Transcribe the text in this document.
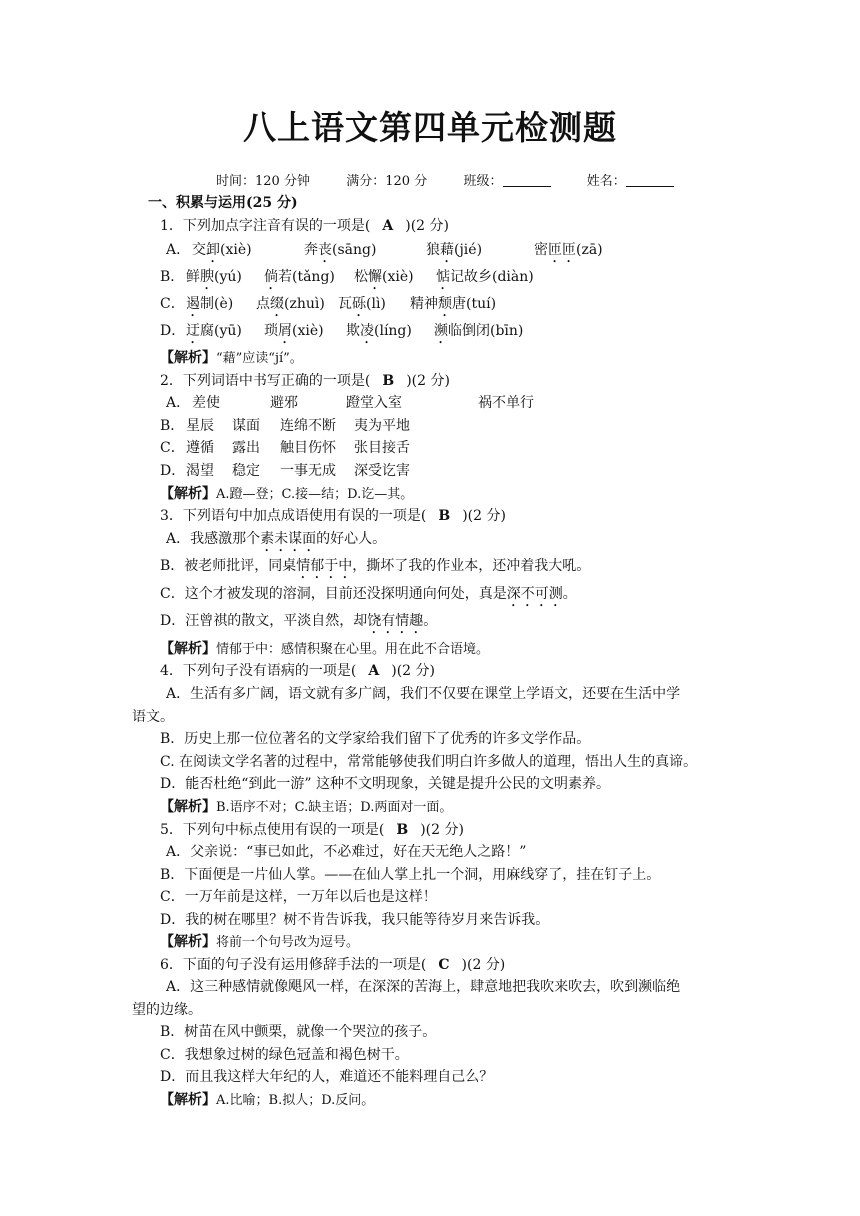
八上语文第四单元检测题
时间：120 分钟	满分：120 分	班级：	姓名：
一、积累与运用(25 分)
1．下列加点字注音有误的一项是( A )(2 分)
A． 交卸(xiè)	奔丧(sāng)	狼藉(jié)	密匝匝(zā)
B． 鲜腴(yú) 倘若(tǎng) 松懈(xiè) 惦记故乡(diàn)
C． 遏制(è) 点缀(zhuì) 瓦砾(lì) 精神颓唐(tuí)
D． 迂腐(yū) 琐屑(xiè) 欺凌(líng) 濒临倒闭(bīn)
【解析】“藉”应读“jí”。
2．下列词语中书写正确的一项是( B )(2 分)
A． 差使	避邪	蹬堂入室	祸不单行
B． 星辰 谋面 连绵不断 夷为平地
C． 遵循 露出 触目伤怀 张目接舌
D． 渴望 稳定 一事无成 深受讫害
【解析】A.蹬—登；C.接—结；D.讫—其。
3．下列语句中加点成语使用有误的一项是( B )(2 分)
A．我感激那个素未谋面的好心人。
B．被老师批评，同桌情郁于中，撕坏了我的作业本，还冲着我大吼。
C．这个才被发现的溶洞，目前还没探明通向何处，真是深不可测。
D．汪曾祺的散文，平淡自然，却饶有情趣。
【解析】情郁于中：感情积聚在心里。用在此不合语境。
4．下列句子没有语病的一项是( A )(2 分)
A．生活有多广阔，语文就有多广阔，我们不仅要在课堂上学语文，还要在生活中学
语文。
B．历史上那一位位著名的文学家给我们留下了优秀的许多文学作品。
C. 在阅读文学名著的过程中，常常能够使我们明白许多做人的道理，悟出人生的真谛。
D．能否杜绝“到此一游” 这种不文明现象，关键是提升公民的文明素养。
【解析】B.语序不对；C.缺主语；D.两面对一面。
5．下列句中标点使用有误的一项是( B )(2 分)
A．父亲说：“事已如此，不必难过，好在天无绝人之路！”
B．下面便是一片仙人掌。——在仙人掌上扎一个洞，用麻线穿了，挂在钉子上。
C．一万年前是这样，一万年以后也是这样！
D．我的树在哪里？树不肯告诉我，我只能等待岁月来告诉我。
【解析】将前一个句号改为逗号。
6．下面的句子没有运用修辞手法的一项是( C )(2 分)
A．这三种感情就像飓风一样，在深深的苦海上，肆意地把我吹来吹去，吹到濒临绝
望的边缘。
B．树苗在风中颤栗，就像一个哭泣的孩子。
C．我想象过树的绿色冠盖和褐色树干。
D．而且我这样大年纪的人，难道还不能料理自己么？
【解析】A.比喻；B.拟人；D.反问。
